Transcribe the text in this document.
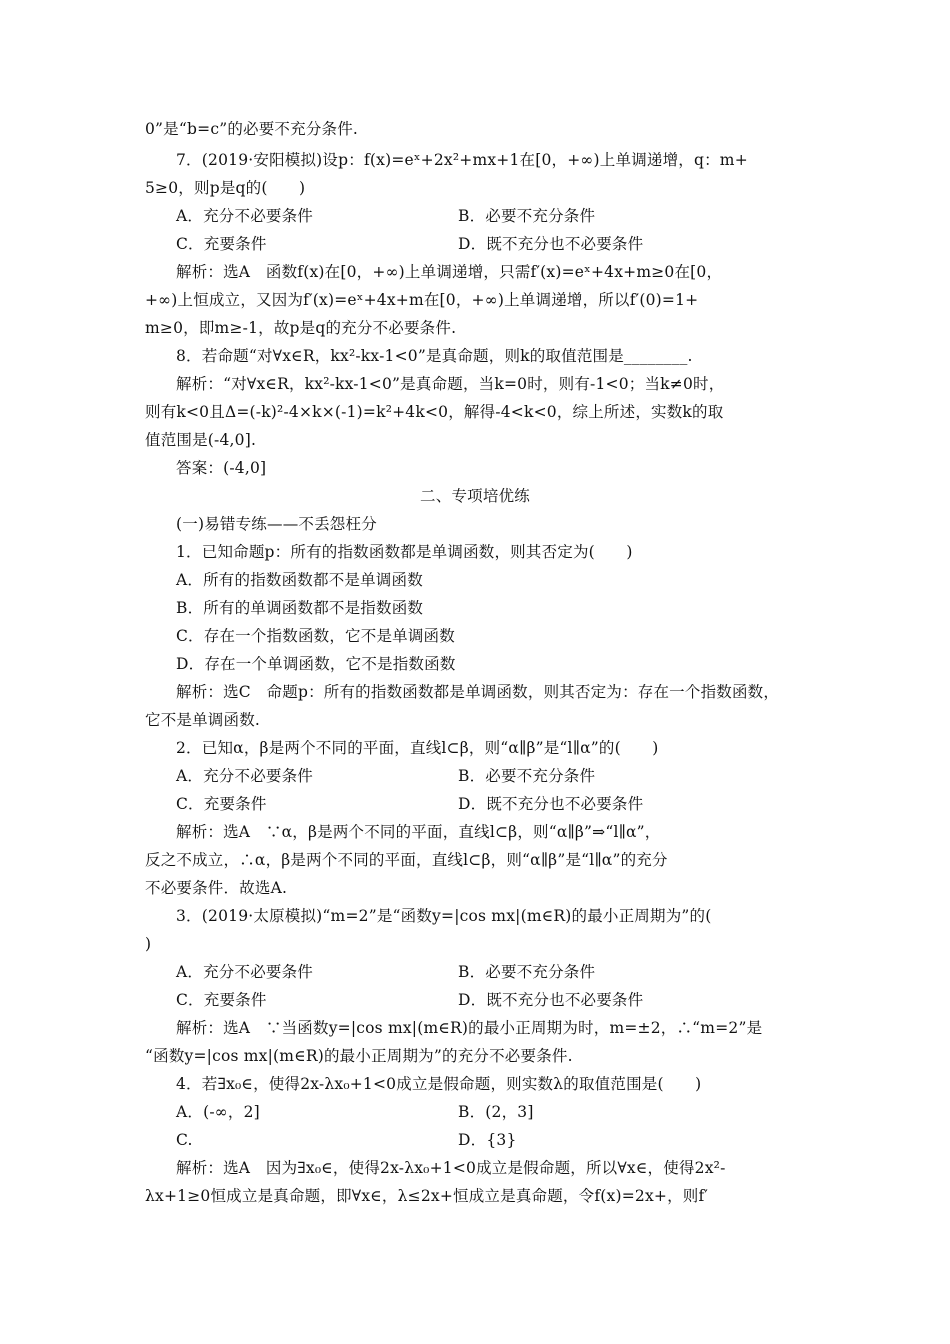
0”是“b=c”的必要不充分条件.
7．(2019·安阳模拟)设p：f(x)=eˣ+2x²+mx+1在[0，+∞)上单调递增，q：m+
5≥0，则p是q的(　　)
A．充分不必要条件	B．必要不充分条件
C．充要条件	D．既不充分也不必要条件
解析：选A　函数f(x)在[0，+∞)上单调递增，只需f′(x)=eˣ+4x+m≥0在[0，
+∞)上恒成立，又因为f′(x)=eˣ+4x+m在[0，+∞)上单调递增，所以f′(0)=1+
m≥0，即m≥-1，故p是q的充分不必要条件.
8．若命题“对∀x∈R，kx²-kx-1<0”是真命题，则k的取值范围是________.
解析：“对∀x∈R，kx²-kx-1<0”是真命题，当k=0时，则有-1<0；当k≠0时，
则有k<0且Δ=(-k)²-4×k×(-1)=k²+4k<0，解得-4<k<0，综上所述，实数k的取
值范围是(-4,0].
答案：(-4,0]
二、专项培优练
(一)易错专练——不丢怨枉分
1．已知命题p：所有的指数函数都是单调函数，则其否定为(　　)
A．所有的指数函数都不是单调函数
B．所有的单调函数都不是指数函数
C．存在一个指数函数，它不是单调函数
D．存在一个单调函数，它不是指数函数
解析：选C　命题p：所有的指数函数都是单调函数，则其否定为：存在一个指数函数，
它不是单调函数.
2．已知α，β是两个不同的平面，直线l⊂β，则“α∥β”是“l∥α”的(　　)
A．充分不必要条件	B．必要不充分条件
C．充要条件	D．既不充分也不必要条件
解析：选A　∵α，β是两个不同的平面，直线l⊂β，则“α∥β”⇒“l∥α”，
反之不成立，∴α，β是两个不同的平面，直线l⊂β，则“α∥β”是“l∥α”的充分
不必要条件．故选A.
3．(2019·太原模拟)“m=2”是“函数y=|cos mx|(m∈R)的最小正周期为”的(
)
A．充分不必要条件	B．必要不充分条件
C．充要条件	D．既不充分也不必要条件
解析：选A　∵当函数y=|cos mx|(m∈R)的最小正周期为时，m=±2，∴“m=2”是
“函数y=|cos mx|(m∈R)的最小正周期为”的充分不必要条件.
4．若∃x₀∈，使得2x-λx₀+1<0成立是假命题，则实数λ的取值范围是(　　)
A．(-∞，2]	B．(2，3]
C.	D．{3}
解析：选A　因为∃x₀∈，使得2x-λx₀+1<0成立是假命题，所以∀x∈，使得2x²-
λx+1≥0恒成立是真命题，即∀x∈，λ≤2x+恒成立是真命题，令f(x)=2x+，则f′
